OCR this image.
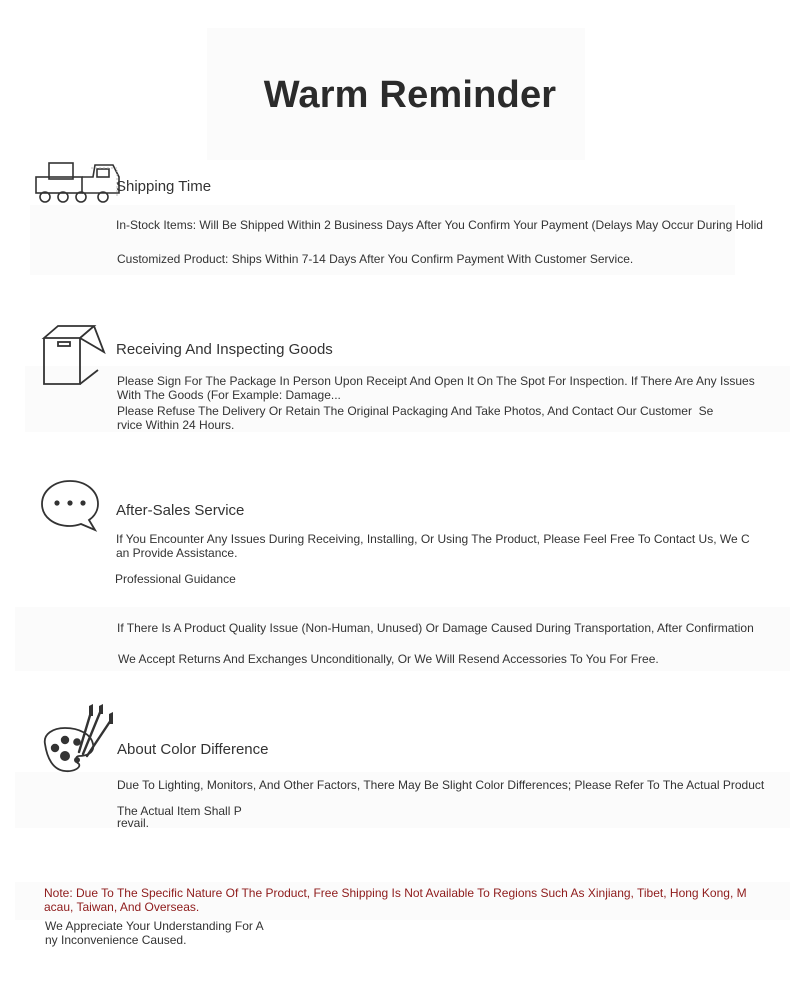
Warm Reminder
Shipping Time
In-Stock Items: Will Be Shipped Within 2 Business Days After You Confirm Your Payment (Delays May Occur During Holid
Customized Product: Ships Within 7-14 Days After You Confirm Payment With Customer Service.
Receiving And Inspecting Goods
Please Sign For The Package In Person Upon Receipt And Open It On The Spot For Inspection. If There Are Any Issues With The Goods (For Example: Damage...
Please Refuse The Delivery Or Retain The Original Packaging And Take Photos, And Contact Our Customer  Service Within 24 Hours.
After-Sales Service
If You Encounter Any Issues During Receiving, Installing, Or Using The Product, Please Feel Free To Contact Us, We Can Provide Assistance.
Professional Guidance
If There Is A Product Quality Issue (Non-Human, Unused) Or Damage Caused During Transportation, After Confirmation
We Accept Returns And Exchanges Unconditionally, Or We Will Resend Accessories To You For Free.
About Color Difference
Due To Lighting, Monitors, And Other Factors, There May Be Slight Color Differences; Please Refer To The Actual Product
The Actual Item Shall Prevail.
Note: Due To The Specific Nature Of The Product, Free Shipping Is Not Available To Regions Such As Xinjiang, Tibet, Hong Kong, Macau, Taiwan, And Overseas.
We Appreciate Your Understanding For Any Inconvenience Caused.
